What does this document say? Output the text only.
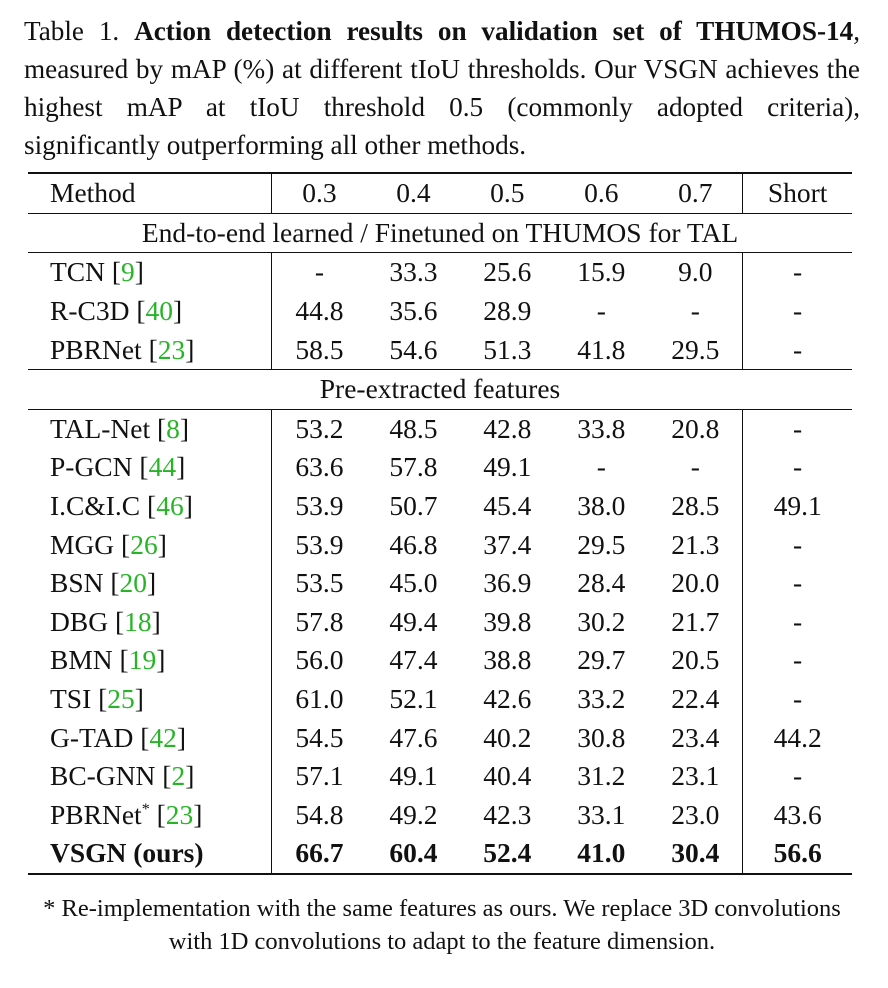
Table 1. Action detection results on validation set of THUMOS-14, measured by mAP (%) at different tIoU thresholds. Our VSGN achieves the highest mAP at tIoU threshold 0.5 (commonly adopted criteria), significantly outperforming all other methods.
Method	0.3	0.4	0.5	0.6	0.7	Short
End-to-end learned / Finetuned on THUMOS for TAL						
TCN [9]	-	33.3	25.6	15.9	9.0	-
R-C3D [40]	44.8	35.6	28.9	-	-	-
PBRNet [23]	58.5	54.6	51.3	41.8	29.5	-
Pre-extracted features						
TAL-Net [8]	53.2	48.5	42.8	33.8	20.8	-
P-GCN [44]	63.6	57.8	49.1	-	-	-
I.C&I.C [46]	53.9	50.7	45.4	38.0	28.5	49.1
MGG [26]	53.9	46.8	37.4	29.5	21.3	-
BSN [20]	53.5	45.0	36.9	28.4	20.0	-
DBG [18]	57.8	49.4	39.8	30.2	21.7	-
BMN [19]	56.0	47.4	38.8	29.7	20.5	-
TSI [25]	61.0	52.1	42.6	33.2	22.4	-
G-TAD [42]	54.5	47.6	40.2	30.8	23.4	44.2
BC-GNN [2]	57.1	49.1	40.4	31.2	23.1	-
PBRNet* [23]	54.8	49.2	42.3	33.1	23.0	43.6
VSGN (ours)	66.7	60.4	52.4	41.0	30.4	56.6
* Re-implementation with the same features as ours. We replace 3D convolutions with 1D convolutions to adapt to the feature dimension.
